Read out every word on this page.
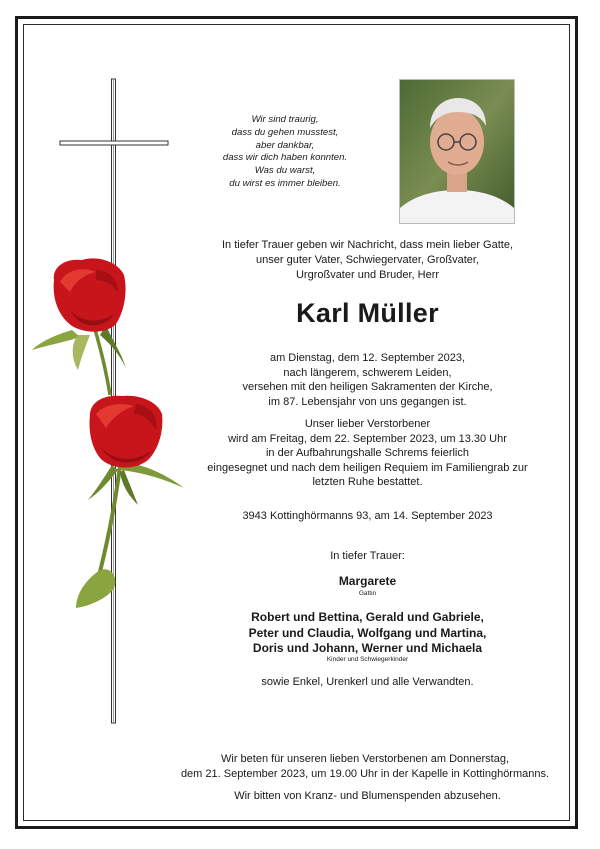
Wir sind traurig,
dass du gehen musstest,
aber dankbar,
dass wir dich haben konnten.
Was du warst,
du wirst es immer bleiben.
In tiefer Trauer geben wir Nachricht, dass mein lieber Gatte,
unser guter Vater, Schwiegervater, Großvater,
Urgroßvater und Bruder, Herr
Karl Müller
am Dienstag, dem 12. September 2023,
nach längerem, schwerem Leiden,
versehen mit den heiligen Sakramenten der Kirche,
im 87. Lebensjahr von uns gegangen ist.
Unser lieber Verstorbener
wird am Freitag, dem 22. September 2023, um 13.30 Uhr
in der Aufbahrungshalle Schrems feierlich
eingesegnet und nach dem heiligen Requiem im Familiengrab zur
letzten Ruhe bestattet.
3943 Kottinghörmanns 93, am 14. September 2023
In tiefer Trauer:
Margarete
Gattin
Robert und Bettina, Gerald und Gabriele,
Peter und Claudia, Wolfgang und Martina,
Doris und Johann, Werner und Michaela
Kinder und Schwiegerkinder
sowie Enkel, Urenkerl und alle Verwandten.
Wir beten für unseren lieben Verstorbenen am Donnerstag,
dem 21. September 2023, um 19.00 Uhr in der Kapelle in Kottinghörmanns.
Wir bitten von Kranz- und Blumenspenden abzusehen.
